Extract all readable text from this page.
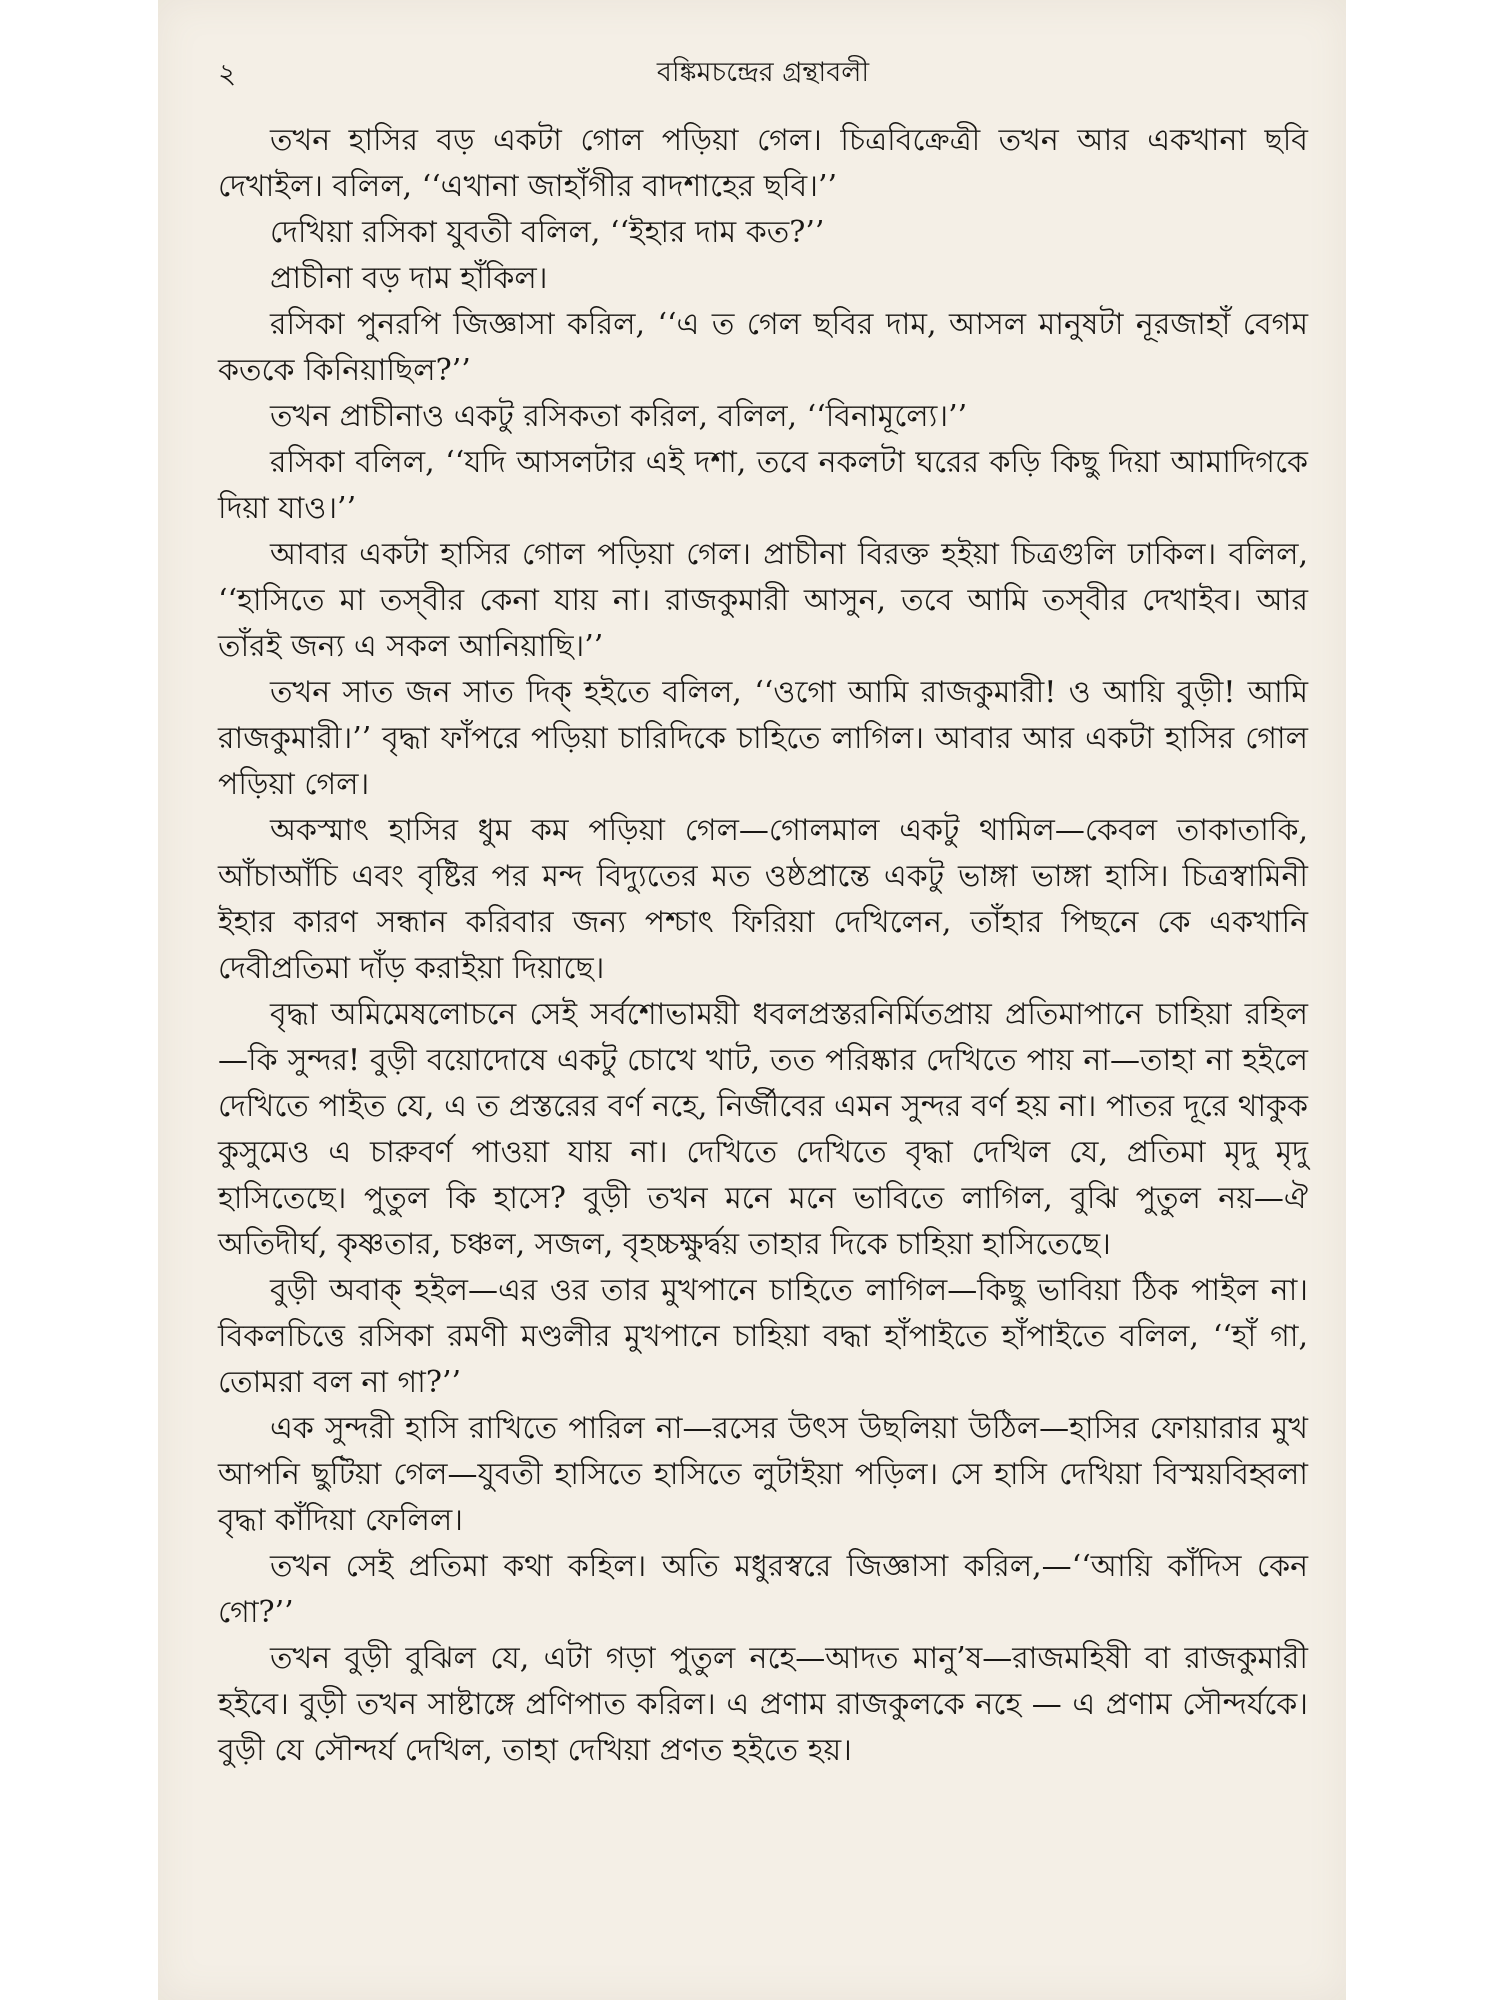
২	বঙ্কিমচন্দ্রের গ্রন্থাবলী

তখন হাসির বড় একটা গোল পড়িয়া গেল। চিত্রবিক্রেত্রী তখন আর একখানা ছবি দেখাইল। বলিল, ‘‘এখানা জাহাঁগীর বাদশাহের ছবি।’’

দেখিয়া রসিকা যুবতী বলিল, ‘‘ইহার দাম কত?’’

প্রাচীনা বড় দাম হাঁকিল।

রসিকা পুনরপি জিজ্ঞাসা করিল, ‘‘এ ত গেল ছবির দাম, আসল মানুষটা নূরজাহাঁ বেগম কতকে কিনিয়াছিল?’’

তখন প্রাচীনাও একটু রসিকতা করিল, বলিল, ‘‘বিনামূল্যে।’’

রসিকা বলিল, ‘‘যদি আসলটার এই দশা, তবে নকলটা ঘরের কড়ি কিছু দিয়া আমাদিগকে দিয়া যাও।’’

আবার একটা হাসির গোল পড়িয়া গেল। প্রাচীনা বিরক্ত হইয়া চিত্রগুলি ঢাকিল। বলিল, ‘‘হাসিতে মা তস্‌বীর কেনা যায় না। রাজকুমারী আসুন, তবে আমি তস্‌বীর দেখাইব। আর তাঁরই জন্য এ সকল আনিয়াছি।’’

তখন সাত জন সাত দিক্ হইতে বলিল, ‘‘ওগো আমি রাজকুমারী! ও আয়ি বুড়ী! আমি রাজকুমারী।’’ বৃদ্ধা ফাঁপরে পড়িয়া চারিদিকে চাহিতে লাগিল। আবার আর একটা হাসির গোল পড়িয়া গেল।

অকস্মাৎ হাসির ধুম কম পড়িয়া গেল—গোলমাল একটু থামিল—কেবল তাকাতাকি, আঁচাআঁচি এবং বৃষ্টির পর মন্দ বিদ্যুতের মত ওষ্ঠপ্রান্তে একটু ভাঙ্গা ভাঙ্গা হাসি। চিত্রস্বামিনী ইহার কারণ সন্ধান করিবার জন্য পশ্চাৎ ফিরিয়া দেখিলেন, তাঁহার পিছনে কে একখানি দেবীপ্রতিমা দাঁড় করাইয়া দিয়াছে।

বৃদ্ধা অমিমেষলোচনে সেই সর্বশোভাময়ী ধবলপ্রস্তরনির্মিতপ্রায় প্রতিমাপানে চাহিয়া রহিল—কি সুন্দর! বুড়ী বয়োদোষে একটু চোখে খাট, তত পরিষ্কার দেখিতে পায় না—তাহা না হইলে দেখিতে পাইত যে, এ ত প্রস্তরের বর্ণ নহে, নির্জীবের এমন সুন্দর বর্ণ হয় না। পাতর দূরে থাকুক কুসুমেও এ চারুবর্ণ পাওয়া যায় না। দেখিতে দেখিতে বৃদ্ধা দেখিল যে, প্রতিমা মৃদু মৃদু হাসিতেছে। পুতুল কি হাসে? বুড়ী তখন মনে মনে ভাবিতে লাগিল, বুঝি পুতুল নয়—ঐ অতিদীর্ঘ, কৃষ্ণতার, চঞ্চল, সজল, বৃহচ্চক্ষুর্দ্বয় তাহার দিকে চাহিয়া হাসিতেছে।

বুড়ী অবাক্ হইল—এর ওর তার মুখপানে চাহিতে লাগিল—কিছু ভাবিয়া ঠিক পাইল না। বিকলচিত্তে রসিকা রমণী মণ্ডলীর মুখপানে চাহিয়া বদ্ধা হাঁপাইতে হাঁপাইতে বলিল, ‘‘হাঁ গা, তোমরা বল না গা?’’

এক সুন্দরী হাসি রাখিতে পারিল না—রসের উৎস উছলিয়া উঠিল—হাসির ফোয়ারার মুখ আপনি ছুটিয়া গেল—যুবতী হাসিতে হাসিতে লুটাইয়া পড়িল। সে হাসি দেখিয়া বিস্ময়বিহ্বলা বৃদ্ধা কাঁদিয়া ফেলিল।

তখন সেই প্রতিমা কথা কহিল। অতি মধুরস্বরে জিজ্ঞাসা করিল,—‘‘আয়ি কাঁদিস কেন গো?’’

তখন বুড়ী বুঝিল যে, এটা গড়া পুতুল নহে—আদত মানু’ষ—রাজমহিষী বা রাজকুমারী হইবে। বুড়ী তখন সাষ্টাঙ্গে প্রণিপাত করিল। এ প্রণাম রাজকুলকে নহে — এ প্রণাম সৌন্দর্যকে। বুড়ী যে সৌন্দর্য দেখিল, তাহা দেখিয়া প্রণত হইতে হয়।
